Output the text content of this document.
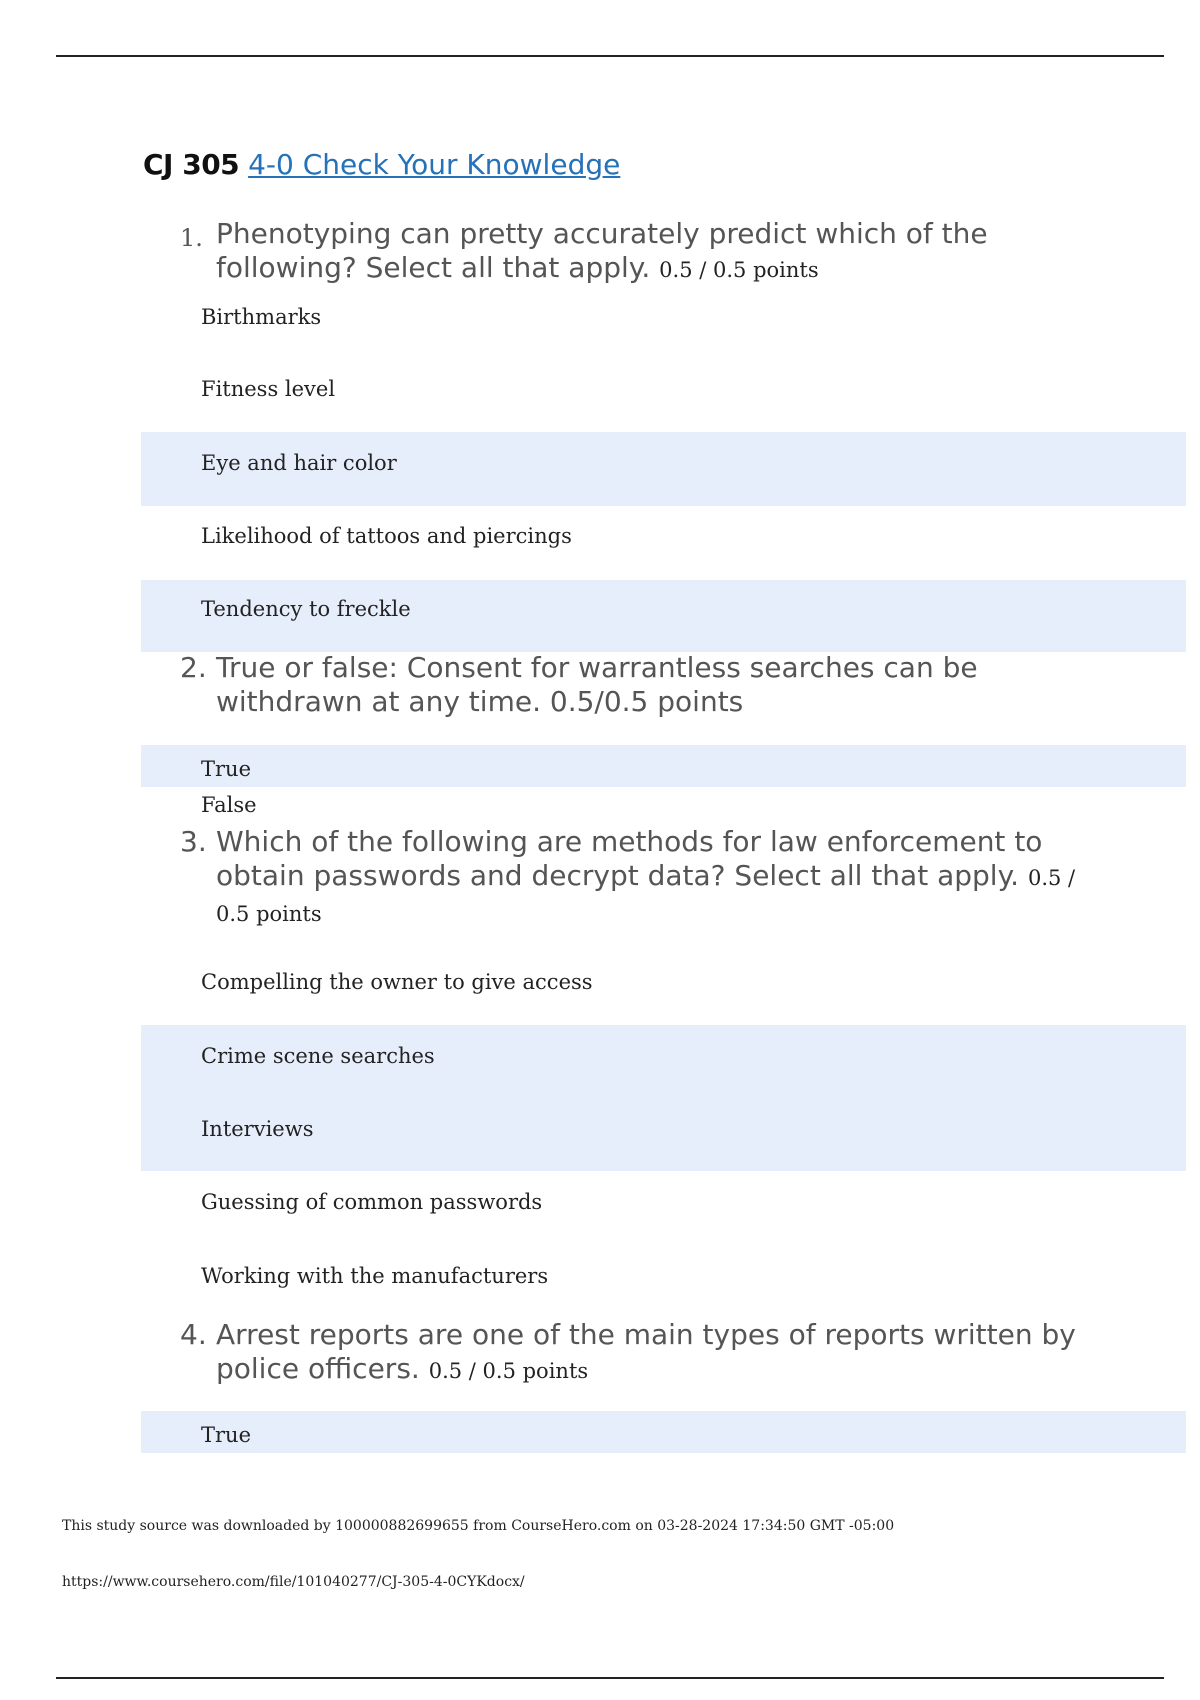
CJ 305 4-0 Check Your Knowledge
1. Phenotyping can pretty accurately predict which of the following? Select all that apply. 0.5 / 0.5 points
Birthmarks
Fitness level
Eye and hair color
Likelihood of tattoos and piercings
Tendency to freckle
2. True or false: Consent for warrantless searches can be withdrawn at any time. 0.5/0.5 points
True
False
3. Which of the following are methods for law enforcement to obtain passwords and decrypt data? Select all that apply. 0.5 / 0.5 points
Compelling the owner to give access
Crime scene searches
Interviews
Guessing of common passwords
Working with the manufacturers
4. Arrest reports are one of the main types of reports written by police officers. 0.5 / 0.5 points
True
This study source was downloaded by 100000882699655 from CourseHero.com on 03-28-2024 17:34:50 GMT -05:00
https://www.coursehero.com/file/101040277/CJ-305-4-0CYKdocx/
